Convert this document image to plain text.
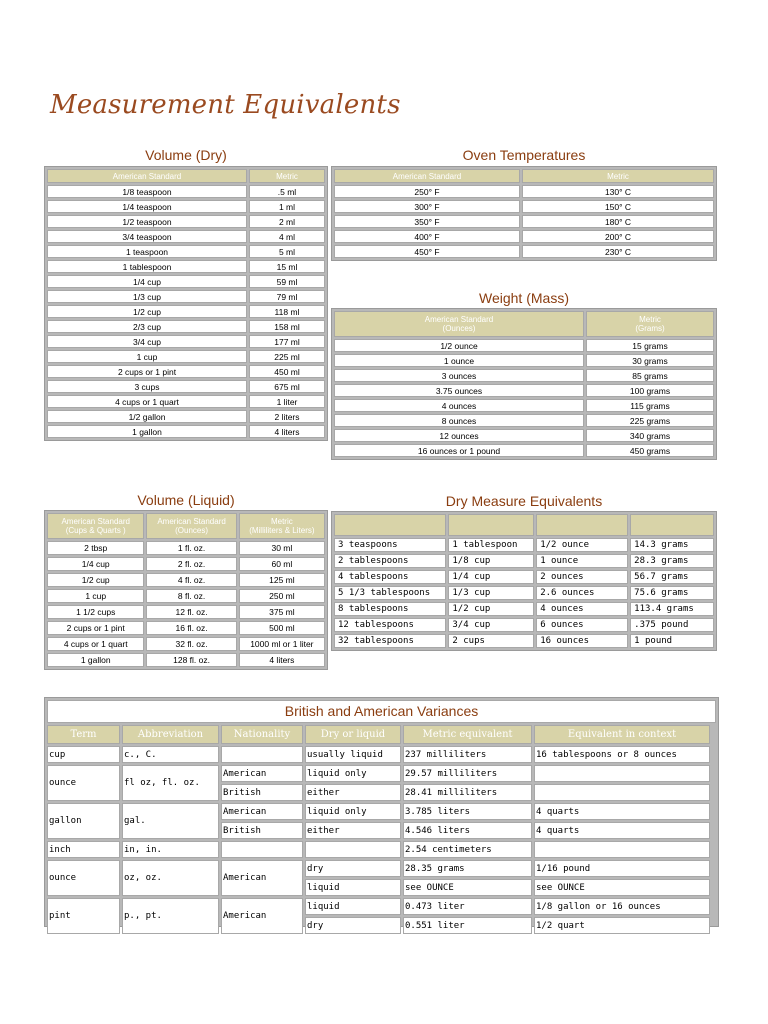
Measurement Equivalents
Volume (Dry)
American Standard	Metric
1/8 teaspoon	.5 ml
1/4 teaspoon	1 ml
1/2 teaspoon	2 ml
3/4 teaspoon	4 ml
1 teaspoon	5 ml
1 tablespoon	15 ml
1/4 cup	59 ml
1/3 cup	79 ml
1/2 cup	118 ml
2/3 cup	158 ml
3/4 cup	177 ml
1 cup	225 ml
2 cups or 1 pint	450 ml
3 cups	675 ml
4 cups or 1 quart	1 liter
1/2 gallon	2 liters
1 gallon	4 liters
Oven Temperatures
American Standard	Metric
250° F	130° C
300° F	150° C
350° F	180° C
400° F	200° C
450° F	230° C
Weight (Mass)
American Standard
(Ounces)	Metric
(Grams)
1/2 ounce	15 grams
1 ounce	30 grams
3 ounces	85 grams
3.75 ounces	100 grams
4 ounces	115 grams
8 ounces	225 grams
12 ounces	340 grams
16 ounces or 1 pound	450 grams
Volume (Liquid)
American Standard
(Cups & Quarts )	American Standard
(Ounces)	Metric
(Milliliters & Liters)
2 tbsp	1 fl. oz.	30 ml
1/4 cup	2 fl. oz.	60 ml
1/2 cup	4 fl. oz.	125 ml
1 cup	8 fl. oz.	250 ml
1 1/2 cups	12 fl. oz.	375 ml
2 cups or 1 pint	16 fl. oz.	500 ml
4 cups or 1 quart	32 fl. oz.	1000 ml or 1 liter
1 gallon	128 fl. oz.	4 liters
Dry Measure Equivalents

3 teaspoons	1 tablespoon	1/2 ounce	14.3 grams
2 tablespoons	1/8 cup	1 ounce	28.3 grams
4 tablespoons	1/4 cup	2 ounces	56.7 grams
5 1/3 tablespoons	1/3 cup	2.6 ounces	75.6 grams
8 tablespoons	1/2 cup	4 ounces	113.4 grams
12 tablespoons	3/4 cup	6 ounces	.375 pound
32 tablespoons	2 cups	16 ounces	1 pound
British and American Variances
Term	Abbreviation	Nationality	Dry or liquid	Metric equivalent	Equivalent in context
cup	c., C.		usually liquid	237 milliliters	16 tablespoons or 8 ounces
ounce	fl oz, fl. oz.	American	liquid only	29.57 milliliters	
		British	either	28.41 milliliters	
gallon	gal.	American	liquid only	3.785 liters	4 quarts
		British	either	4.546 liters	4 quarts
inch	in, in.			2.54 centimeters	
ounce	oz, oz.	American	dry	28.35 grams	1/16 pound
			liquid	see OUNCE	see OUNCE
pint	p., pt.	American	liquid	0.473 liter	1/8 gallon or 16 ounces
			dry	0.551 liter	1/2 quart
